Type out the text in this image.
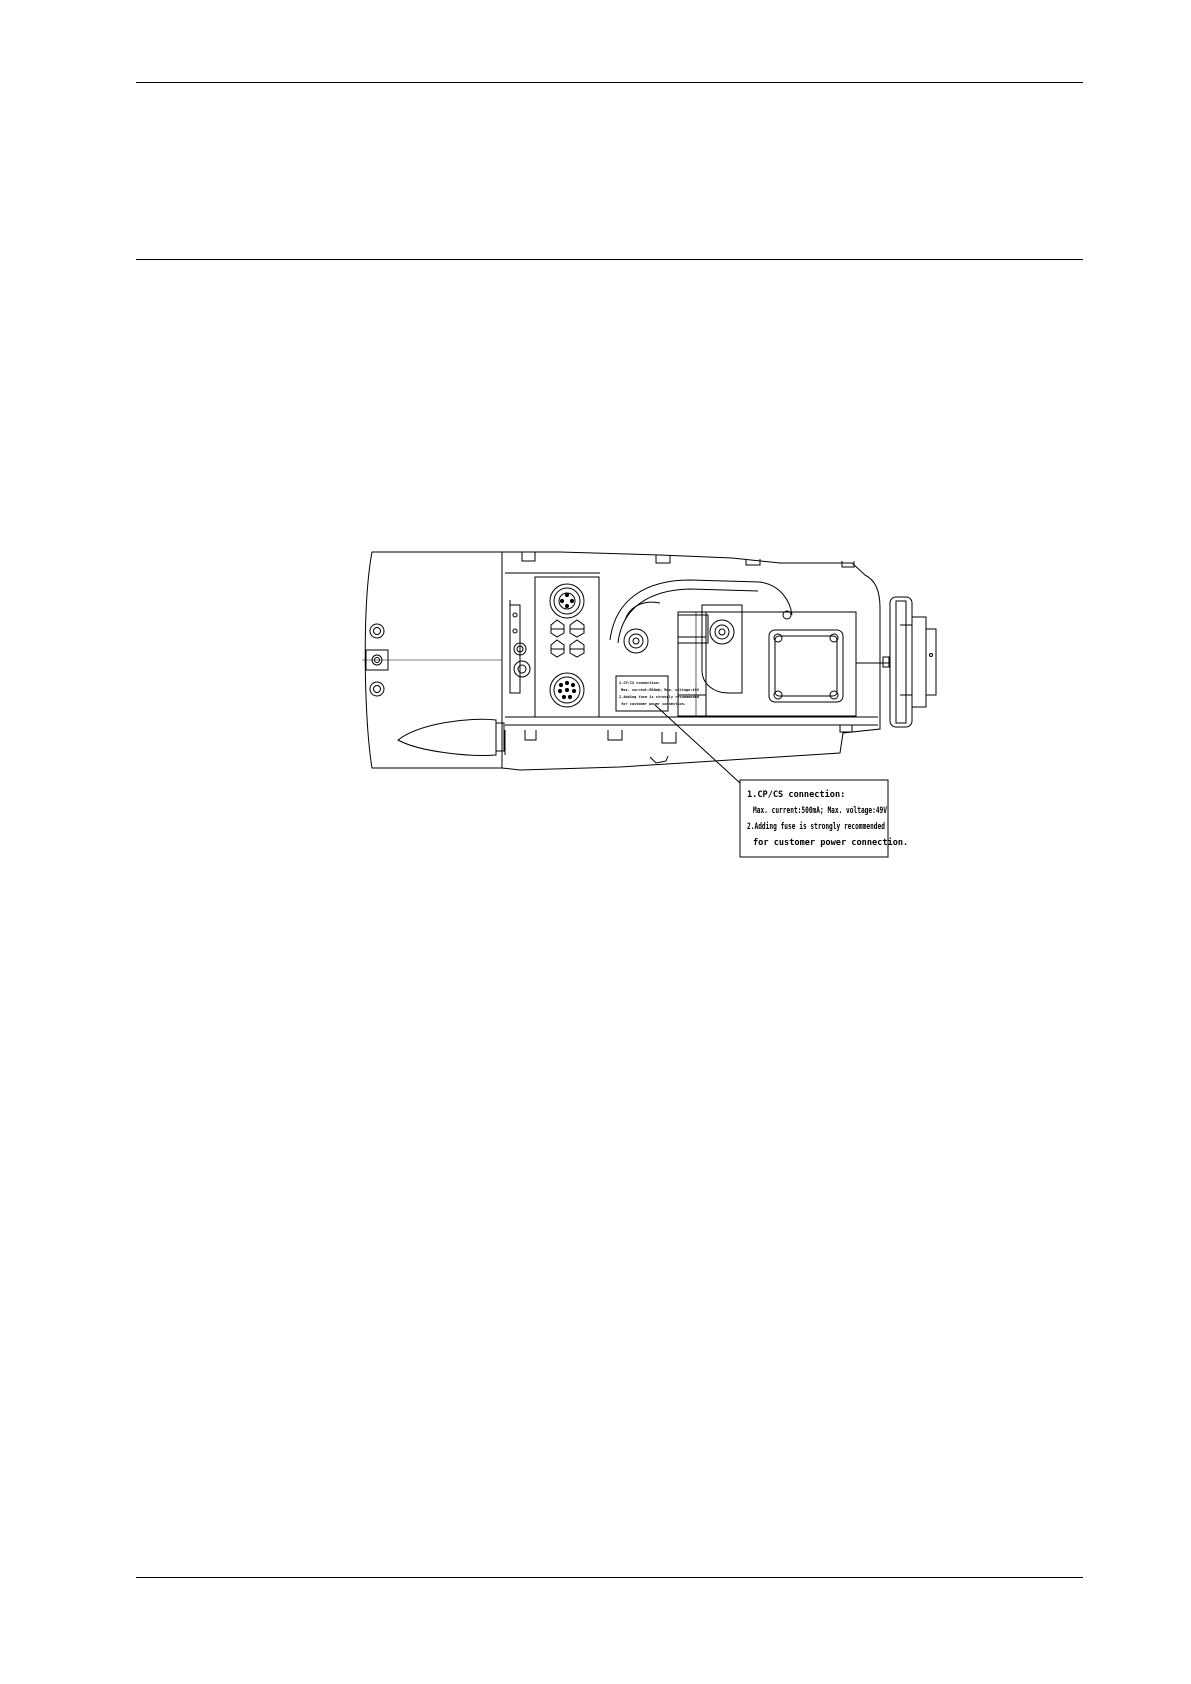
1.CP/CS connection:
Max. current:500mA; Max. voltage:49V
2.Adding fuse is strongly recommended
for customer power connection.
1.CP/CS connection:
Max. current:500mA; Max. voltage:49V
2.Adding fuse is strongly recommended
for customer power connection.
